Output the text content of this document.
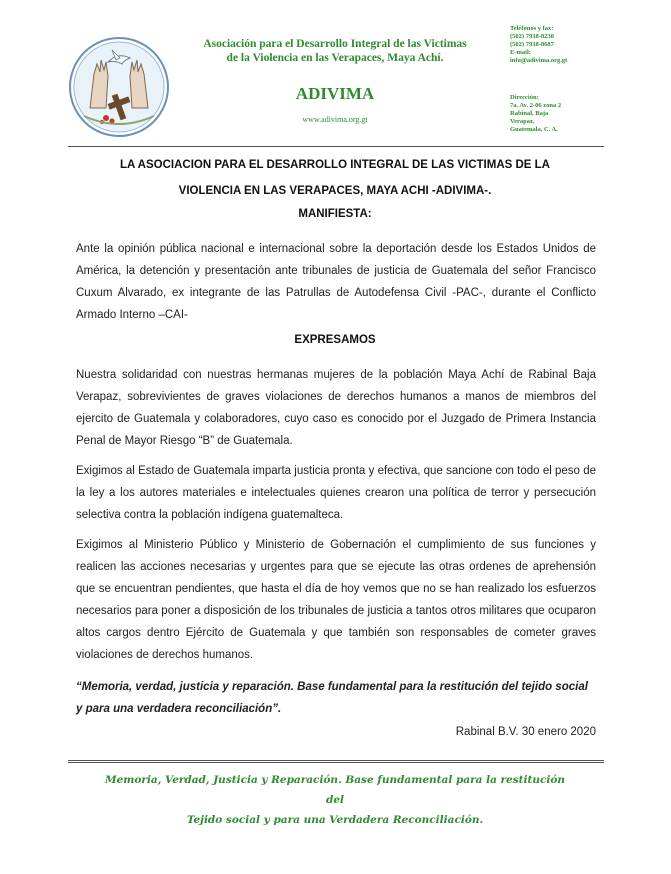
Asociación para el Desarrollo Integral de las Victimas
de la Violencia en las Verapaces, Maya Achí.
ADIVIMA
www.adivima.org.gt
Teléfonos y fax:
(502) 7938-8230
(502) 7938-8687
E-mail:
info@adivima.org.gt
Dirección:
7a. Av. 2-06 zona 2
Rabinal, Baja
Verapaz,
Guatemala, C. A.
LA ASOCIACION PARA EL DESARROLLO INTEGRAL DE LAS VICTIMAS DE LA
VIOLENCIA EN LAS VERAPACES, MAYA ACHI -ADIVIMA-.
MANIFIESTA:

Ante la opinión pública nacional e internacional sobre la deportación desde los Estados Unidos de América, la detención y presentación ante tribunales de justicia de Guatemala del señor Francisco Cuxum Alvarado, ex integrante de las Patrullas de Autodefensa Civil -PAC-, durante el Conflicto Armado Interno –CAI-

EXPRESAMOS

Nuestra solidaridad con nuestras hermanas mujeres de la población Maya Achí de Rabinal Baja Verapaz, sobrevivientes de graves violaciones de derechos humanos a manos de miembros del ejercito de Guatemala y colaboradores, cuyo caso es conocido por el Juzgado de Primera Instancia Penal de Mayor Riesgo “B” de Guatemala.

Exigimos al Estado de Guatemala imparta justicia pronta y efectiva, que sancione con todo el peso de la ley a los autores materiales e intelectuales quienes crearon una política de terror y persecución selectiva contra la población indígena guatemalteca.

Exigimos al Ministerio Público y Ministerio de Gobernación el cumplimiento de sus funciones y realicen las acciones necesarias y urgentes para que se ejecute las otras ordenes de aprehensión que se encuentran pendientes, que hasta el día de hoy vemos que no se han realizado los esfuerzos necesarios para poner a disposición de los tribunales de justicia a tantos otros militares que ocuparon altos cargos dentro Ejército de Guatemala y que también son responsables de cometer graves violaciones de derechos humanos.

“Memoria, verdad, justicia y reparación. Base fundamental para la restitución del tejido social y para una verdadera reconciliación”.
Rabinal B.V. 30 enero 2020
Memoria, Verdad, Justicia y Reparación. Base fundamental para la restitución del
Tejido social y para una Verdadera Reconciliación.
